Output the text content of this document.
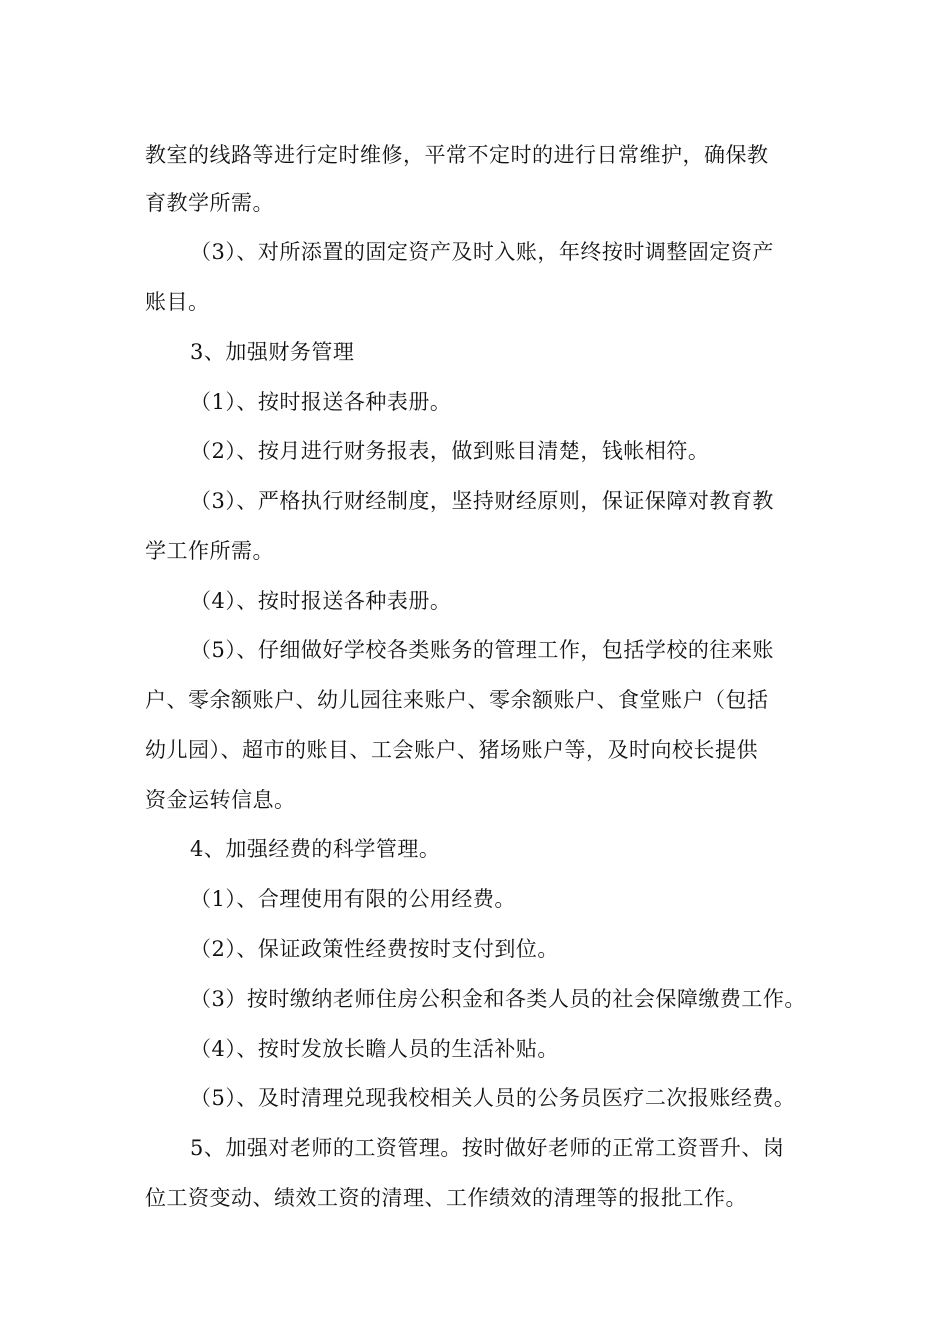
教室的线路等进行定时维修，平常不定时的进行日常维护，确保教
育教学所需。
（3）、对所添置的固定资产及时入账，年终按时调整固定资产
账目。
3、加强财务管理
（1）、按时报送各种表册。
（2）、按月进行财务报表，做到账目清楚，钱帐相符。
（3）、严格执行财经制度，坚持财经原则，保证保障对教育教
学工作所需。
（4）、按时报送各种表册。
（5）、仔细做好学校各类账务的管理工作，包括学校的往来账
户、零余额账户、幼儿园往来账户、零余额账户、食堂账户（包括
幼儿园）、超市的账目、工会账户、猪场账户等，及时向校长提供
资金运转信息。
4、加强经费的科学管理。
（1）、合理使用有限的公用经费。
（2）、保证政策性经费按时支付到位。
（3）按时缴纳老师住房公积金和各类人员的社会保障缴费工作。
（4）、按时发放长瞻人员的生活补贴。
（5）、及时清理兑现我校相关人员的公务员医疗二次报账经费。
5、加强对老师的工资管理。按时做好老师的正常工资晋升、岗
位工资变动、绩效工资的清理、工作绩效的清理等的报批工作。
